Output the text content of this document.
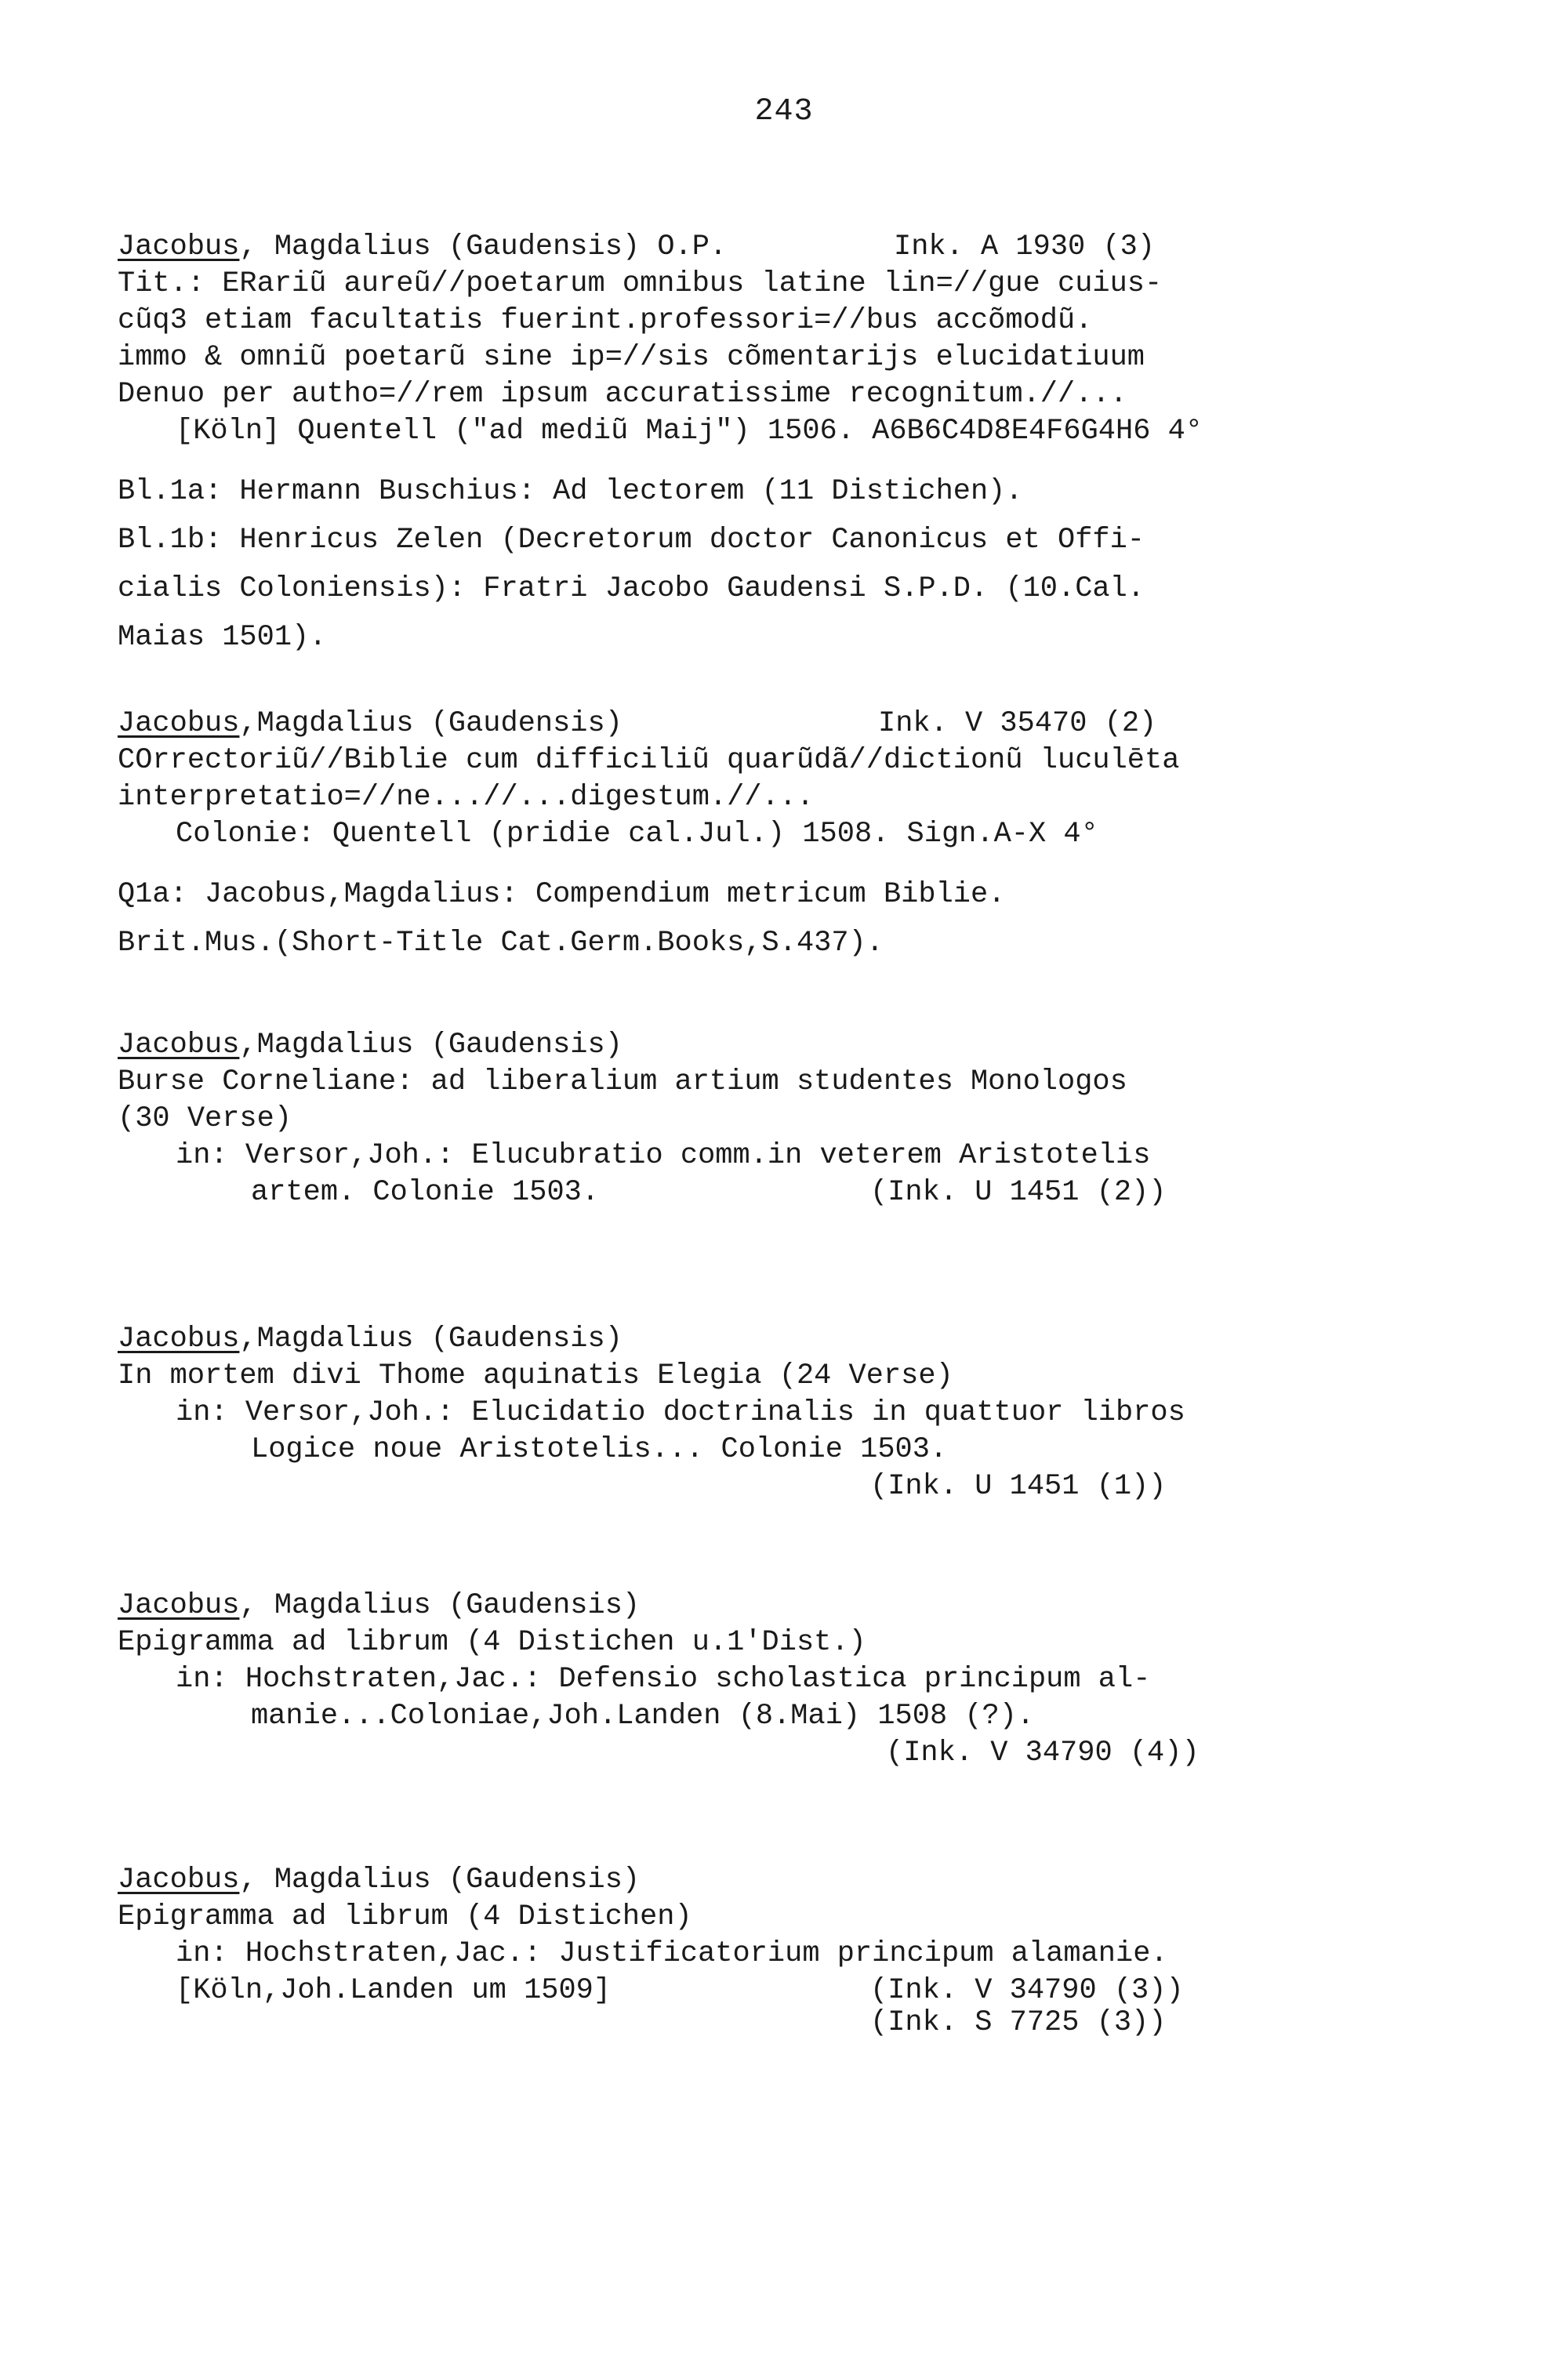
243
Jacobus, Magdalius (Gaudensis) O.P.	Ink. A 1930 (3)
Tit.: ERariũ aureũ//poetarum omnibus latine lin=//gue cuius-
cũq3 etiam facultatis fuerint.professori=//bus accõmodũ.
immo & omniũ poetarũ sine ip=//sis cõmentarijs elucidatiuum
Denuo per autho=//rem ipsum accuratissime recognitum.//...
[Köln] Quentell ("ad mediũ Maij") 1506. A6B6C4D8E4F6G4H6 4°
Bl.1a: Hermann Buschius: Ad lectorem (11 Distichen).
Bl.1b: Henricus Zelen (Decretorum doctor Canonicus et Offi-
cialis Coloniensis): Fratri Jacobo Gaudensi S.P.D. (10.Cal.
Maias 1501).
Jacobus,Magdalius (Gaudensis)	Ink. V 35470 (2)
COrrectoriũ//Biblie cum difficiliũ quarũdã//dictionũ luculēta
interpretatio=//ne...//...digestum.//...
Colonie: Quentell (pridie cal.Jul.) 1508. Sign.A-X 4°
Q1a: Jacobus,Magdalius: Compendium metricum Biblie.
Brit.Mus.(Short-Title Cat.Germ.Books,S.437).
Jacobus,Magdalius (Gaudensis)
Burse Corneliane: ad liberalium artium studentes Monologos
(30 Verse)
in: Versor,Joh.: Elucubratio comm.in veterem Aristotelis
artem. Colonie 1503.	(Ink. U 1451 (2))
Jacobus,Magdalius (Gaudensis)
In mortem divi Thome aquinatis Elegia (24 Verse)
in: Versor,Joh.: Elucidatio doctrinalis in quattuor libros
Logice noue Aristotelis... Colonie 1503.
(Ink. U 1451 (1))
Jacobus, Magdalius (Gaudensis)
Epigramma ad librum (4 Distichen u.1'Dist.)
in: Hochstraten,Jac.: Defensio scholastica principum al-
manie...Coloniae,Joh.Landen (8.Mai) 1508 (?).
(Ink. V 34790 (4))
Jacobus, Magdalius (Gaudensis)
Epigramma ad librum (4 Distichen)
in: Hochstraten,Jac.: Justificatorium principum alamanie.
[Köln,Joh.Landen um 1509]	(Ink. V 34790 (3))
(Ink. S 7725 (3))
